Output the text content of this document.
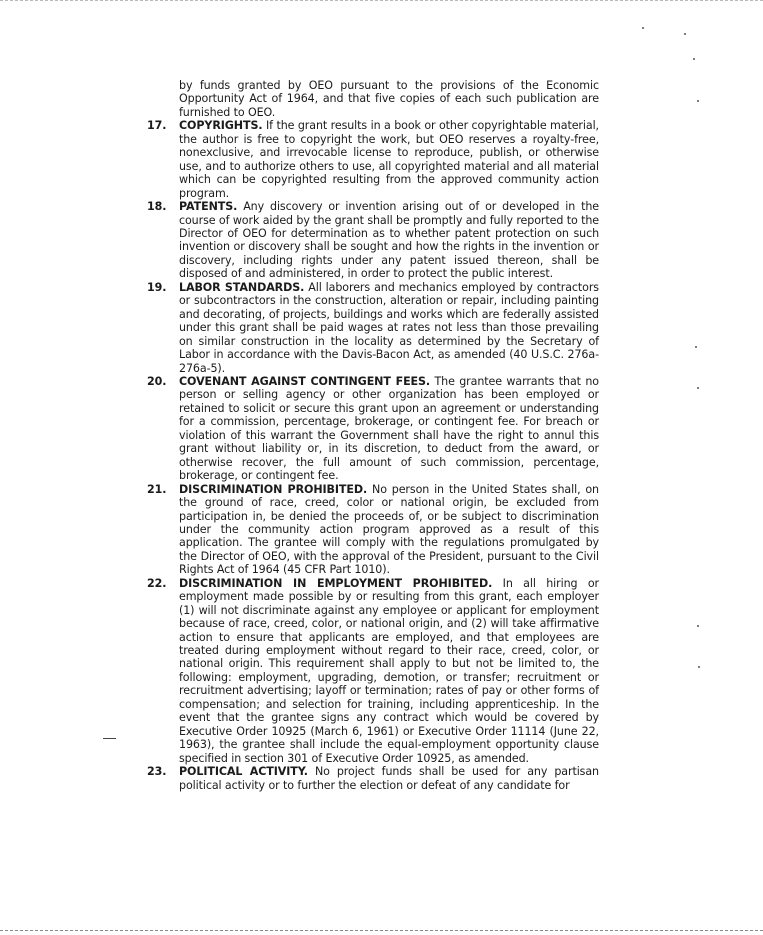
by funds granted by OEO pursuant to the provisions of the Economic Opportunity Act of 1964, and that five copies of each such publication are furnished to OEO.
17. COPYRIGHTS. If the grant results in a book or other copyrightable material, the author is free to copyright the work, but OEO reserves a royalty-free, nonexclusive, and irrevocable license to reproduce, publish, or otherwise use, and to authorize others to use, all copyrighted material and all material which can be copyrighted resulting from the approved community action program.
18. PATENTS. Any discovery or invention arising out of or developed in the course of work aided by the grant shall be promptly and fully reported to the Director of OEO for determination as to whether patent protection on such invention or discovery shall be sought and how the rights in the invention or discovery, including rights under any patent issued thereon, shall be disposed of and administered, in order to protect the public interest.
19. LABOR STANDARDS. All laborers and mechanics employed by contractors or subcontractors in the construction, alteration or repair, including painting and decorating, of projects, buildings and works which are federally assisted under this grant shall be paid wages at rates not less than those prevailing on similar construction in the locality as determined by the Secretary of Labor in accordance with the Davis-Bacon Act, as amended (40 U.S.C. 276a-276a-5).
20. COVENANT AGAINST CONTINGENT FEES. The grantee warrants that no person or selling agency or other organization has been employed or retained to solicit or secure this grant upon an agreement or understanding for a commission, percentage, brokerage, or contingent fee. For breach or violation of this warrant the Government shall have the right to annul this grant without liability or, in its discretion, to deduct from the award, or otherwise recover, the full amount of such commission, percentage, brokerage, or contingent fee.
21. DISCRIMINATION PROHIBITED. No person in the United States shall, on the ground of race, creed, color or national origin, be excluded from participation in, be denied the proceeds of, or be subject to discrimination under the community action program approved as a result of this application. The grantee will comply with the regulations promulgated by the Director of OEO, with the approval of the President, pursuant to the Civil Rights Act of 1964 (45 CFR Part 1010).
22. DISCRIMINATION IN EMPLOYMENT PROHIBITED. In all hiring or employment made possible by or resulting from this grant, each employer (1) will not discriminate against any employee or applicant for employment because of race, creed, color, or national origin, and (2) will take affirmative action to ensure that applicants are employed, and that employees are treated during employment without regard to their race, creed, color, or national origin. This requirement shall apply to but not be limited to, the following: employment, upgrading, demotion, or transfer; recruitment or recruitment advertising; layoff or termination; rates of pay or other forms of compensation; and selection for training, including apprenticeship. In the event that the grantee signs any contract which would be covered by Executive Order 10925 (March 6, 1961) or Executive Order 11114 (June 22, 1963), the grantee shall include the equal-employment opportunity clause specified in section 301 of Executive Order 10925, as amended.
23. POLITICAL ACTIVITY. No project funds shall be used for any partisan political activity or to further the election or defeat of any candidate for
